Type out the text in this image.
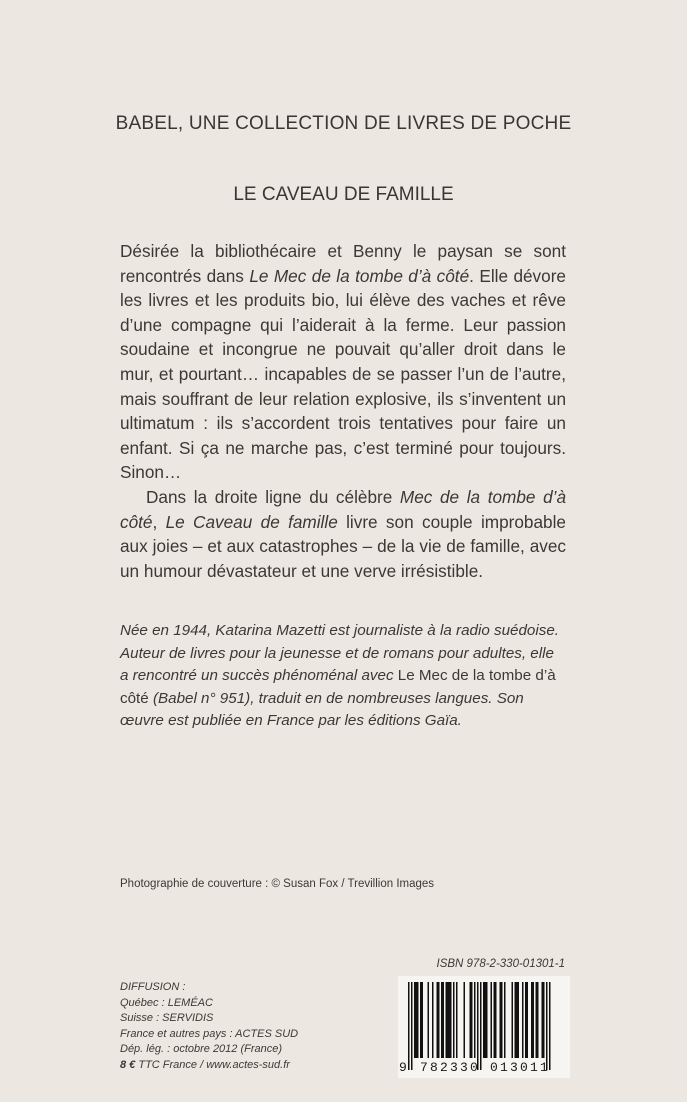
BABEL, UNE COLLECTION DE LIVRES DE POCHE
LE CAVEAU DE FAMILLE

Désirée la bibliothécaire et Benny le paysan se sont rencontrés dans Le Mec de la tombe d’à côté. Elle dévore les livres et les produits bio, lui élève des vaches et rêve d’une compagne qui l’aiderait à la ferme. Leur passion soudaine et incongrue ne pouvait qu’aller droit dans le mur, et pourtant… incapables de se passer l’un de l’autre, mais souffrant de leur relation explosive, ils s’inventent un ultimatum : ils s’accordent trois tentatives pour faire un enfant. Si ça ne marche pas, c’est terminé pour toujours. Sinon…

Dans la droite ligne du célèbre Mec de la tombe d’à côté, Le Caveau de famille livre son couple improbable aux joies – et aux catastrophes – de la vie de famille, avec un humour dévastateur et une verve irrésistible.

Née en 1944, Katarina Mazetti est journaliste à la radio suédoise. Auteur de livres pour la jeunesse et de romans pour adultes, elle a rencontré un succès phénoménal avec Le Mec de la tombe d’à côté (Babel n° 951), traduit en de nombreuses langues. Son œuvre est publiée en France par les éditions Gaïa.
Photographie de couverture : © Susan Fox / Trevillion Images
ISBN 978-2-330-01301-1
DIFFUSION :
Québec : LEMÉAC
Suisse : SERVIDIS
France et autres pays : ACTES SUD
Dép. lég. : octobre 2012 (France)
8 € TTC France / www.actes-sud.fr	9 782330 013011
